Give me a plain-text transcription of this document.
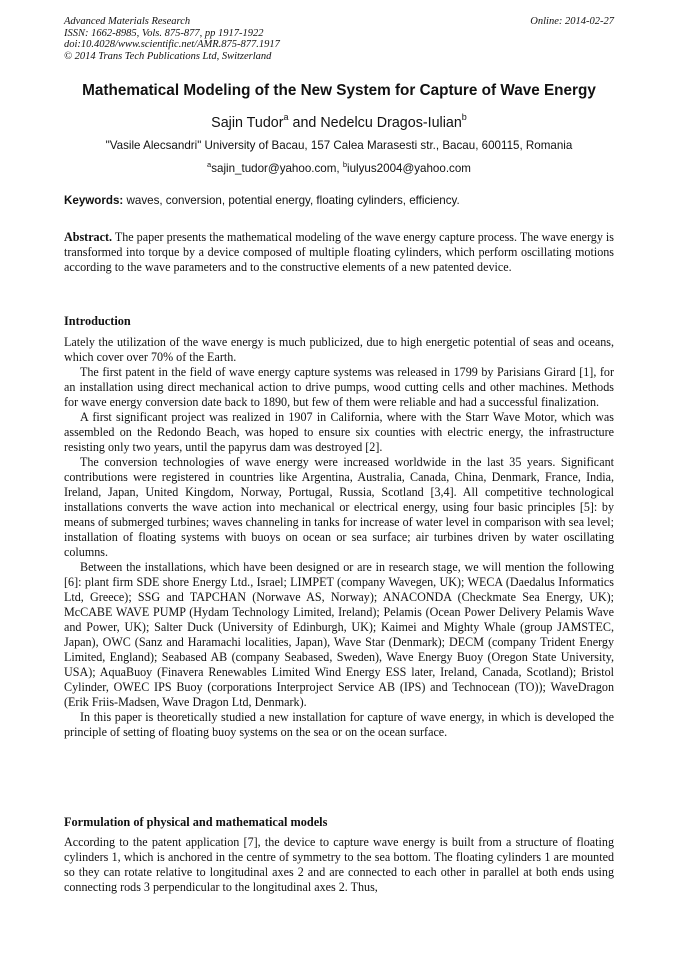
Advanced Materials Research
ISSN: 1662-8985, Vols. 875-877, pp 1917-1922
doi:10.4028/www.scientific.net/AMR.875-877.1917
© 2014 Trans Tech Publications Ltd, Switzerland
Online: 2014-02-27
Mathematical Modeling of the New System for Capture of Wave Energy
Sajin Tudor$^a$ and Nedelcu Dragos-Iulian$^b$
"Vasile Alecsandri" University of Bacau, 157 Calea Marasesti str., Bacau, 600115, Romania
$^a$sajin_tudor@yahoo.com, $^b$iulyus2004@yahoo.com
Keywords: waves, conversion, potential energy, floating cylinders, efficiency.

Abstract. The paper presents the mathematical modeling of the wave energy capture process. The wave energy is transformed into torque by a device composed of multiple floating cylinders, which perform oscillating motions according to the wave parameters and to the constructive elements of a new patented device.

Introduction

Lately the utilization of the wave energy is much publicized, due to high energetic potential of seas and oceans, which cover over 70% of the Earth.

The first patent in the field of wave energy capture systems was released in 1799 by Parisians Girard [1], for an installation using direct mechanical action to drive pumps, wood cutting cells and other machines. Methods for wave energy conversion date back to 1890, but few of them were reliable and had a successful finalization.

A first significant project was realized in 1907 in California, where with the Starr Wave Motor, which was assembled on the Redondo Beach, was hoped to ensure six counties with electric energy, the infrastructure resisting only two years, until the papyrus dam was destroyed [2].

The conversion technologies of wave energy were increased worldwide in the last 35 years. Significant contributions were registered in countries like Argentina, Australia, Canada, China, Denmark, France, India, Ireland, Japan, United Kingdom, Norway, Portugal, Russia, Scotland [3,4]. All competitive technological installations converts the wave action into mechanical or electrical energy, using four basic principles [5]: by means of submerged turbines; waves channeling in tanks for increase of water level in comparison with sea level; installation of floating systems with buoys on ocean or sea surface; air turbines driven by water oscillating columns.

Between the installations, which have been designed or are in research stage, we will mention the following [6]: plant firm SDE shore Energy Ltd., Israel; LIMPET (company Wavegen, UK); WECA (Daedalus Informatics Ltd, Greece); SSG and TAPCHAN (Norwave AS, Norway); ANACONDA (Checkmate Sea Energy, UK); McCABE WAVE PUMP (Hydam Technology Limited, Ireland); Pelamis (Ocean Power Delivery Pelamis Wave and Power, UK); Salter Duck (University of Edinburgh, UK); Kaimei and Mighty Whale (group JAMSTEC, Japan), OWC (Sanz and Haramachi localities, Japan), Wave Star (Denmark); DECM (company Trident Energy Limited, England); Seabased AB (company Seabased, Sweden), Wave Energy Buoy (Oregon State University, USA); AquaBuoy (Finavera Renewables Limited Wind Energy ESS later, Ireland, Canada, Scotland); Bristol Cylinder, OWEC IPS Buoy (corporations Interproject Service AB (IPS) and Technocean (TO)); WaveDragon (Erik Friis-Madsen, Wave Dragon Ltd, Denmark).

In this paper is theoretically studied a new installation for capture of wave energy, in which is developed the principle of setting of floating buoy systems on the sea or on the ocean surface.

Formulation of physical and mathematical models

According to the patent application [7], the device to capture wave energy is built from a structure of floating cylinders 1, which is anchored in the centre of symmetry to the sea bottom. The floating cylinders 1 are mounted so they can rotate relative to longitudinal axes 2 and are connected to each other in parallel at both ends using connecting rods 3 perpendicular to the longitudinal axes 2. Thus,
